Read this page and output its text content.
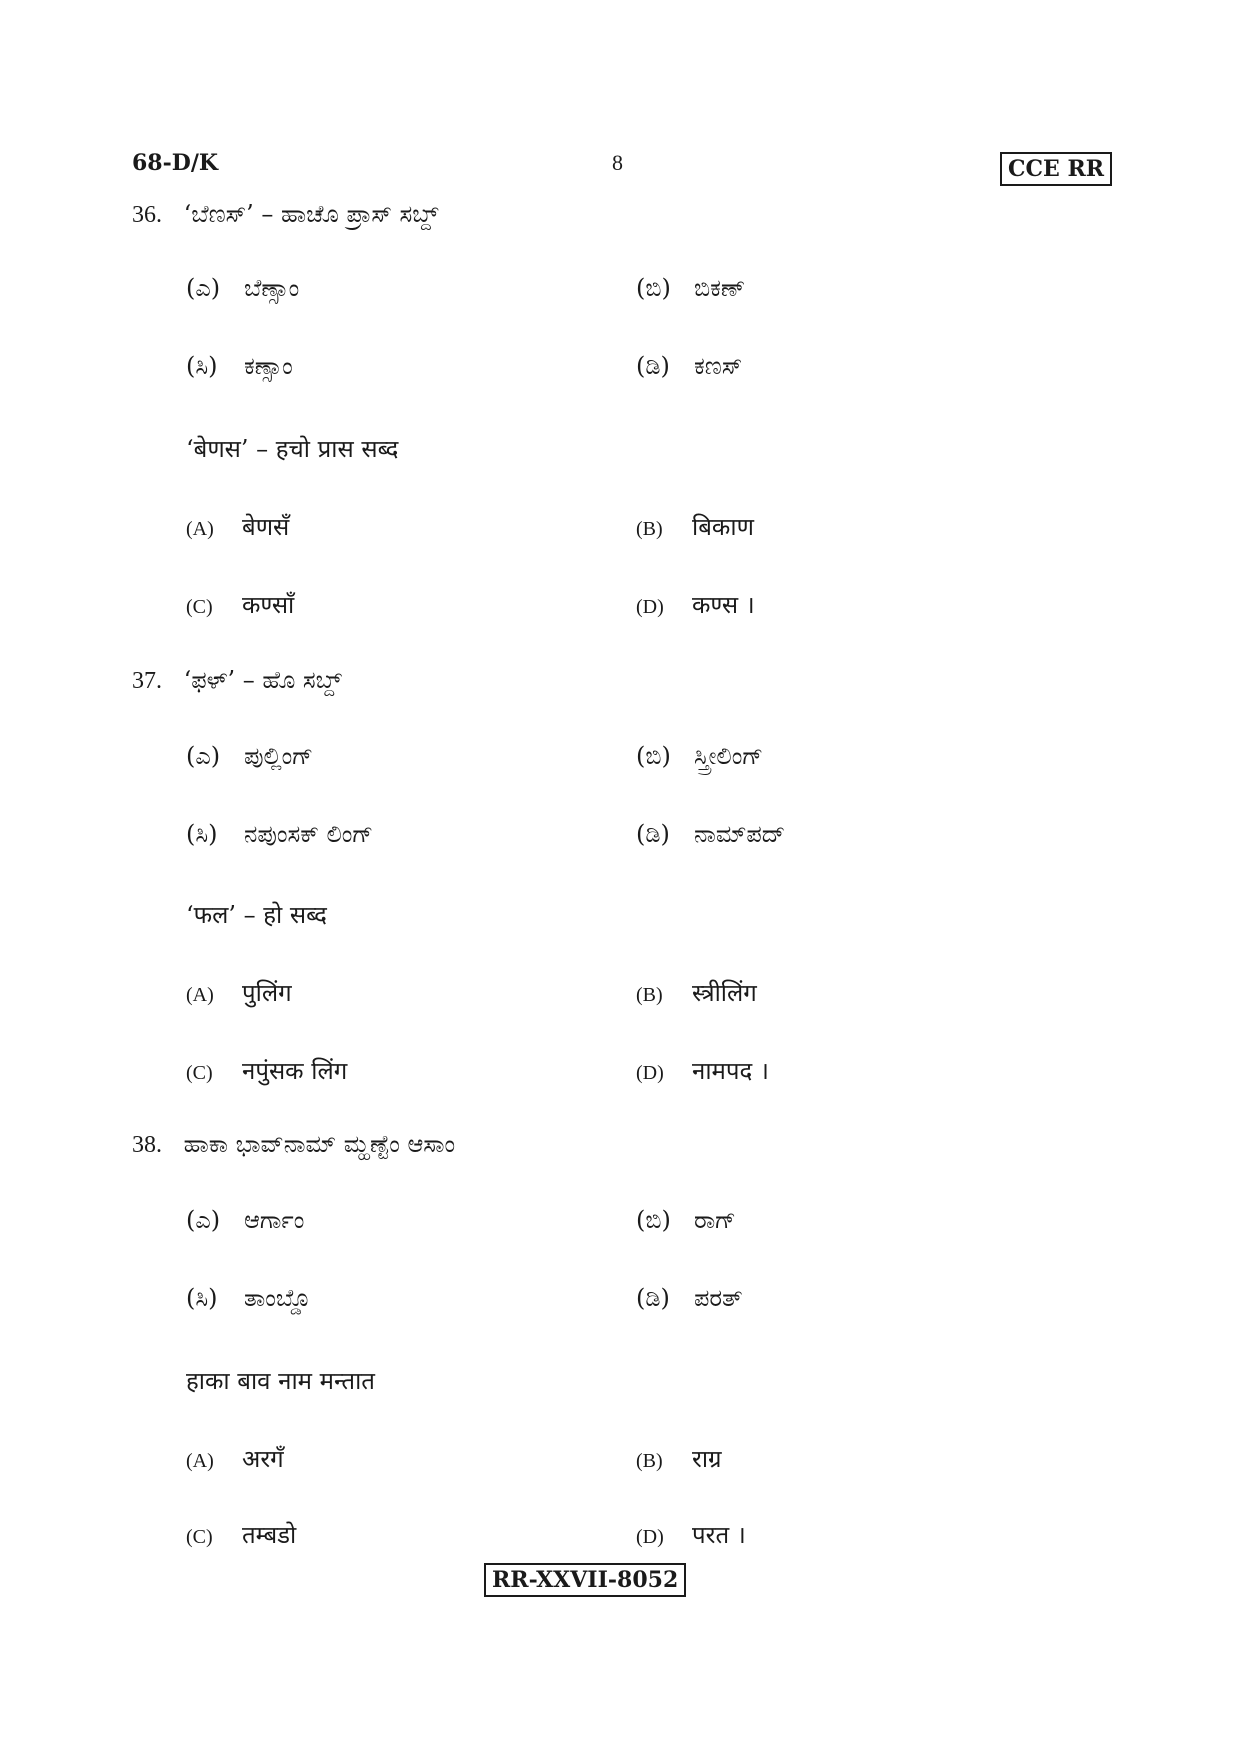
68-D/K	8	CCE RR
36. ‘ಬೆಣಸ್’ – ಹಾಚೊ ಪ್ರಾಸ್ ಸಬ್ದ್
(ಎ) ಬೆಣ್ಸಾಂ	(ಬಿ) ಬಿಕಣ್
(ಸಿ) ಕಣ್ಸಾಂ	(ಡಿ) ಕಣಸ್
‘बेणस’ – हचो प्रास सब्द
(A) बेणसँ	(B) बिकाण
(C) कण्साँ	(D) कण्स ।
37. ‘ಫಳ್’ – ಹೊ ಸಬ್ದ್
(ಎ) ಪುಲ್ಲಿಂಗ್	(ಬಿ) ಸ್ತ್ರೀಲಿಂಗ್
(ಸಿ) ನಪುಂಸಕ್ ಲಿಂಗ್	(ಡಿ) ನಾಮ್‌ಪದ್
‘फल’ – हो सब्द
(A) पुलिंग	(B) स्त्रीलिंग
(C) नपुंसक लिंग	(D) नामपद ।
38. ಹಾಕಾ ಭಾವ್‌ನಾಮ್ ಮ್ಹಣ್ಟೆಂ ಆಸಾಂ
(ಎ) ಆರ್ಗಾಂ	(ಬಿ) ರಾಗ್
(ಸಿ) ತಾಂಬ್ಡೊ	(ಡಿ) ಪರತ್
हाका बाव नाम मन्तात
(A) अरगँ	(B) राग्र
(C) तम्बडो	(D) परत ।
RR-XXVII-8052
